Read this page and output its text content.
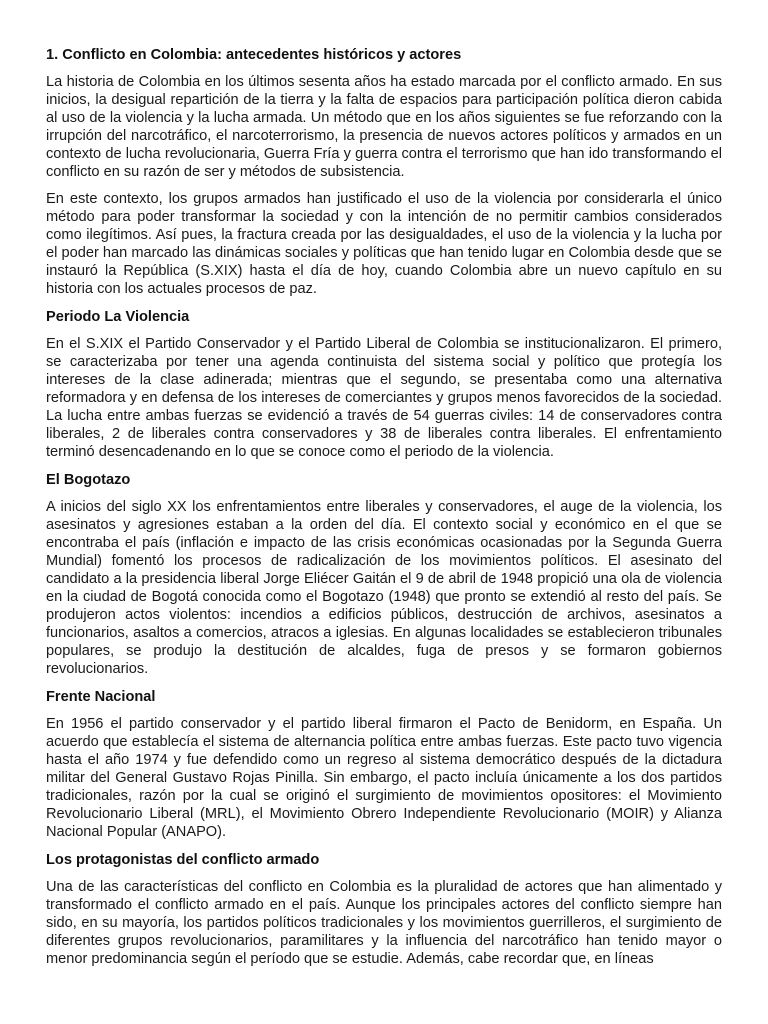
1. Conflicto en Colombia: antecedentes históricos y actores

La historia de Colombia en los últimos sesenta años ha estado marcada por el conflicto armado. En sus inicios, la desigual repartición de la tierra y la falta de espacios para participación política dieron cabida al uso de la violencia y la lucha armada. Un método que en los años siguientes se fue reforzando con la irrupción del narcotráfico, el narcoterrorismo, la presencia de nuevos actores políticos y armados en un contexto de lucha revolucionaria, Guerra Fría y guerra contra el terrorismo que han ido transformando el conflicto en su razón de ser y métodos de subsistencia.

En este contexto, los grupos armados han justificado el uso de la violencia por considerarla el único método para poder transformar la sociedad y con la intención de no permitir cambios considerados como ilegítimos. Así pues, la fractura creada por las desigualdades, el uso de la violencia y la lucha por el poder han marcado las dinámicas sociales y políticas que han tenido lugar en Colombia desde que se instauró la República (S.XIX) hasta el día de hoy, cuando Colombia abre un nuevo capítulo en su historia con los actuales procesos de paz.

Periodo La Violencia

En el S.XIX el Partido Conservador y el Partido Liberal de Colombia se institucionalizaron. El primero, se caracterizaba por tener una agenda continuista del sistema social y político que protegía los intereses de la clase adinerada; mientras que el segundo, se presentaba como una alternativa reformadora y en defensa de los intereses de comerciantes y grupos menos favorecidos de la sociedad. La lucha entre ambas fuerzas se evidenció a través de 54 guerras civiles: 14 de conservadores contra liberales, 2 de liberales contra conservadores y 38 de liberales contra liberales. El enfrentamiento terminó desencadenando en lo que se conoce como el periodo de la violencia.

El Bogotazo

A inicios del siglo XX los enfrentamientos entre liberales y conservadores, el auge de la violencia, los asesinatos y agresiones estaban a la orden del día. El contexto social y económico en el que se encontraba el país (inflación e impacto de las crisis económicas ocasionadas por la Segunda Guerra Mundial) fomentó los procesos de radicalización de los movimientos políticos. El asesinato del candidato a la presidencia liberal Jorge Eliécer Gaitán el 9 de abril de 1948 propició una ola de violencia en la ciudad de Bogotá conocida como el Bogotazo (1948) que pronto se extendió al resto del país. Se produjeron actos violentos: incendios a edificios públicos, destrucción de archivos, asesinatos a funcionarios, asaltos a comercios, atracos a iglesias. En algunas localidades se establecieron tribunales populares, se produjo la destitución de alcaldes, fuga de presos y se formaron gobiernos revolucionarios.

Frente Nacional

En 1956 el partido conservador y el partido liberal firmaron el Pacto de Benidorm, en España. Un acuerdo que establecía el sistema de alternancia política entre ambas fuerzas. Este pacto tuvo vigencia hasta el año 1974 y fue defendido como un regreso al sistema democrático después de la dictadura militar del General Gustavo Rojas Pinilla. Sin embargo, el pacto incluía únicamente a los dos partidos tradicionales, razón por la cual se originó el surgimiento de movimientos opositores: el Movimiento Revolucionario Liberal (MRL), el Movimiento Obrero Independiente Revolucionario (MOIR) y Alianza Nacional Popular (ANAPO).

Los protagonistas del conflicto armado

Una de las características del conflicto en Colombia es la pluralidad de actores que han alimentado y transformado el conflicto armado en el país. Aunque los principales actores del conflicto siempre han sido, en su mayoría, los partidos políticos tradicionales y los movimientos guerrilleros, el surgimiento de diferentes grupos revolucionarios, paramilitares y la influencia del narcotráfico han tenido mayor o menor predominancia según el período que se estudie. Además, cabe recordar que, en líneas
